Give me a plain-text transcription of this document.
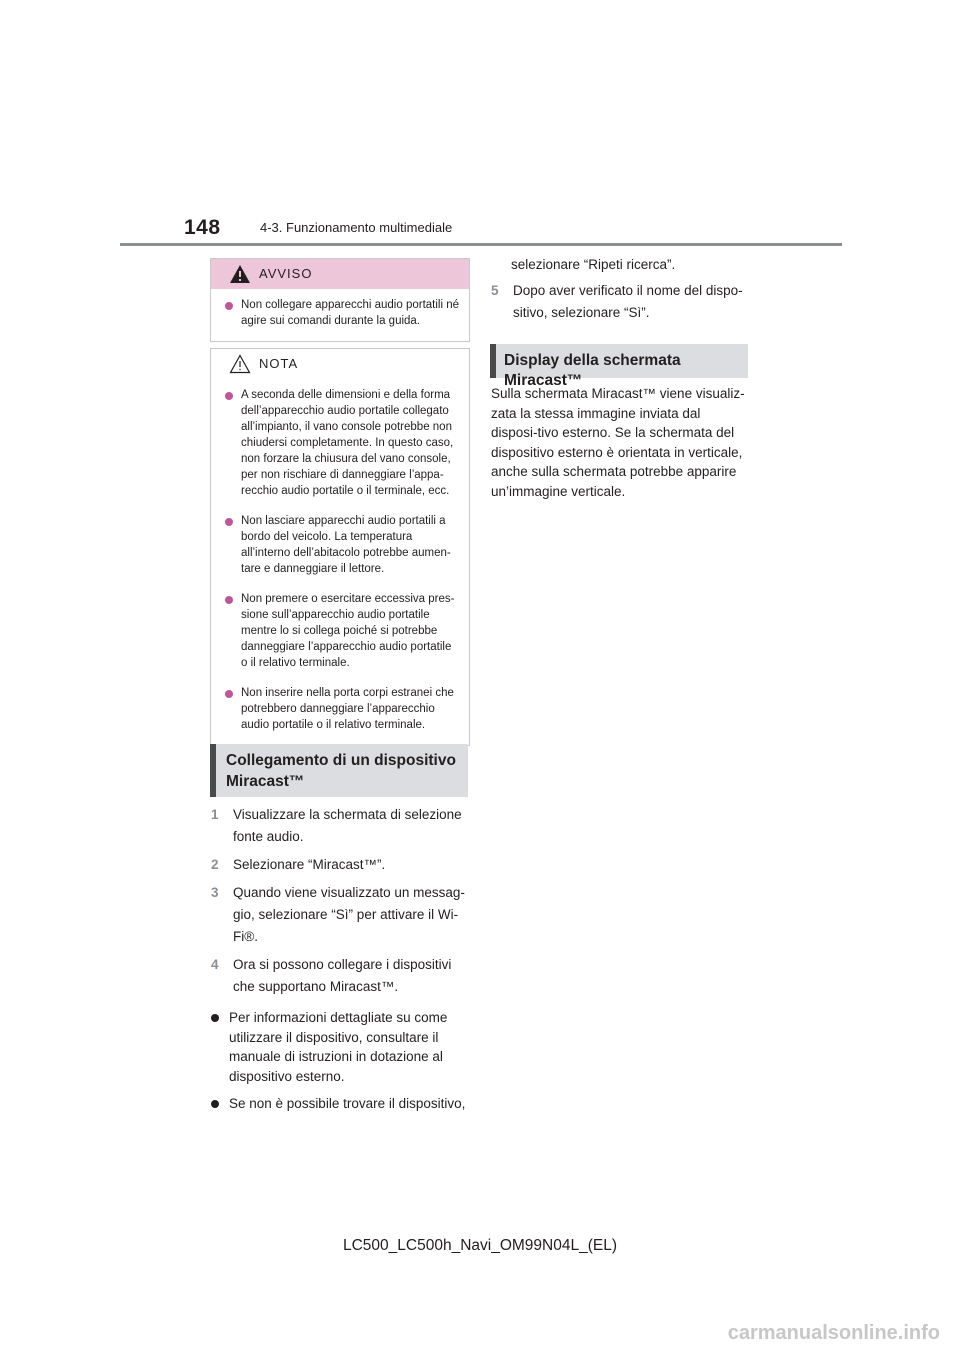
148	4-3. Funzionamento multimediale
AVVISO
Non collegare apparecchi audio portatili né agire sui comandi durante la guida.
NOTA
A seconda delle dimensioni e della forma dell’apparecchio audio portatile collegato all’impianto, il vano console potrebbe non chiudersi completamente. In questo caso, non forzare la chiusura del vano console, per non rischiare di danneggiare l’appa-recchio audio portatile o il terminale, ecc.
Non lasciare apparecchi audio portatili a bordo del veicolo. La temperatura all’interno dell’abitacolo potrebbe aumen-tare e danneggiare il lettore.
Non premere o esercitare eccessiva pres-sione sull’apparecchio audio portatile mentre lo si collega poiché si potrebbe danneggiare l’apparecchio audio portatile o il relativo terminale.
Non inserire nella porta corpi estranei che potrebbero danneggiare l’apparecchio audio portatile o il relativo terminale.
Collegamento di un dispositivo
Miracast™
1 Visualizzare la schermata di selezione fonte audio.
2 Selezionare “Miracast™”.
3 Quando viene visualizzato un messag-gio, selezionare “Sì” per attivare il Wi-Fi®.
4 Ora si possono collegare i dispositivi che supportano Miracast™.
Per informazioni dettagliate su come utilizzare il dispositivo, consultare il manuale di istruzioni in dotazione al dispositivo esterno.
Se non è possibile trovare il dispositivo,
selezionare “Ripeti ricerca”.
5 Dopo aver verificato il nome del dispo-sitivo, selezionare “Sì”.
Display della schermata Miracast™
Sulla schermata Miracast™ viene visualiz-zata la stessa immagine inviata dal disposi-tivo esterno. Se la schermata del dispositivo esterno è orientata in verticale, anche sulla schermata potrebbe apparire un’immagine verticale.
LC500_LC500h_Navi_OM99N04L_(EL)
carmanualsonline.info
